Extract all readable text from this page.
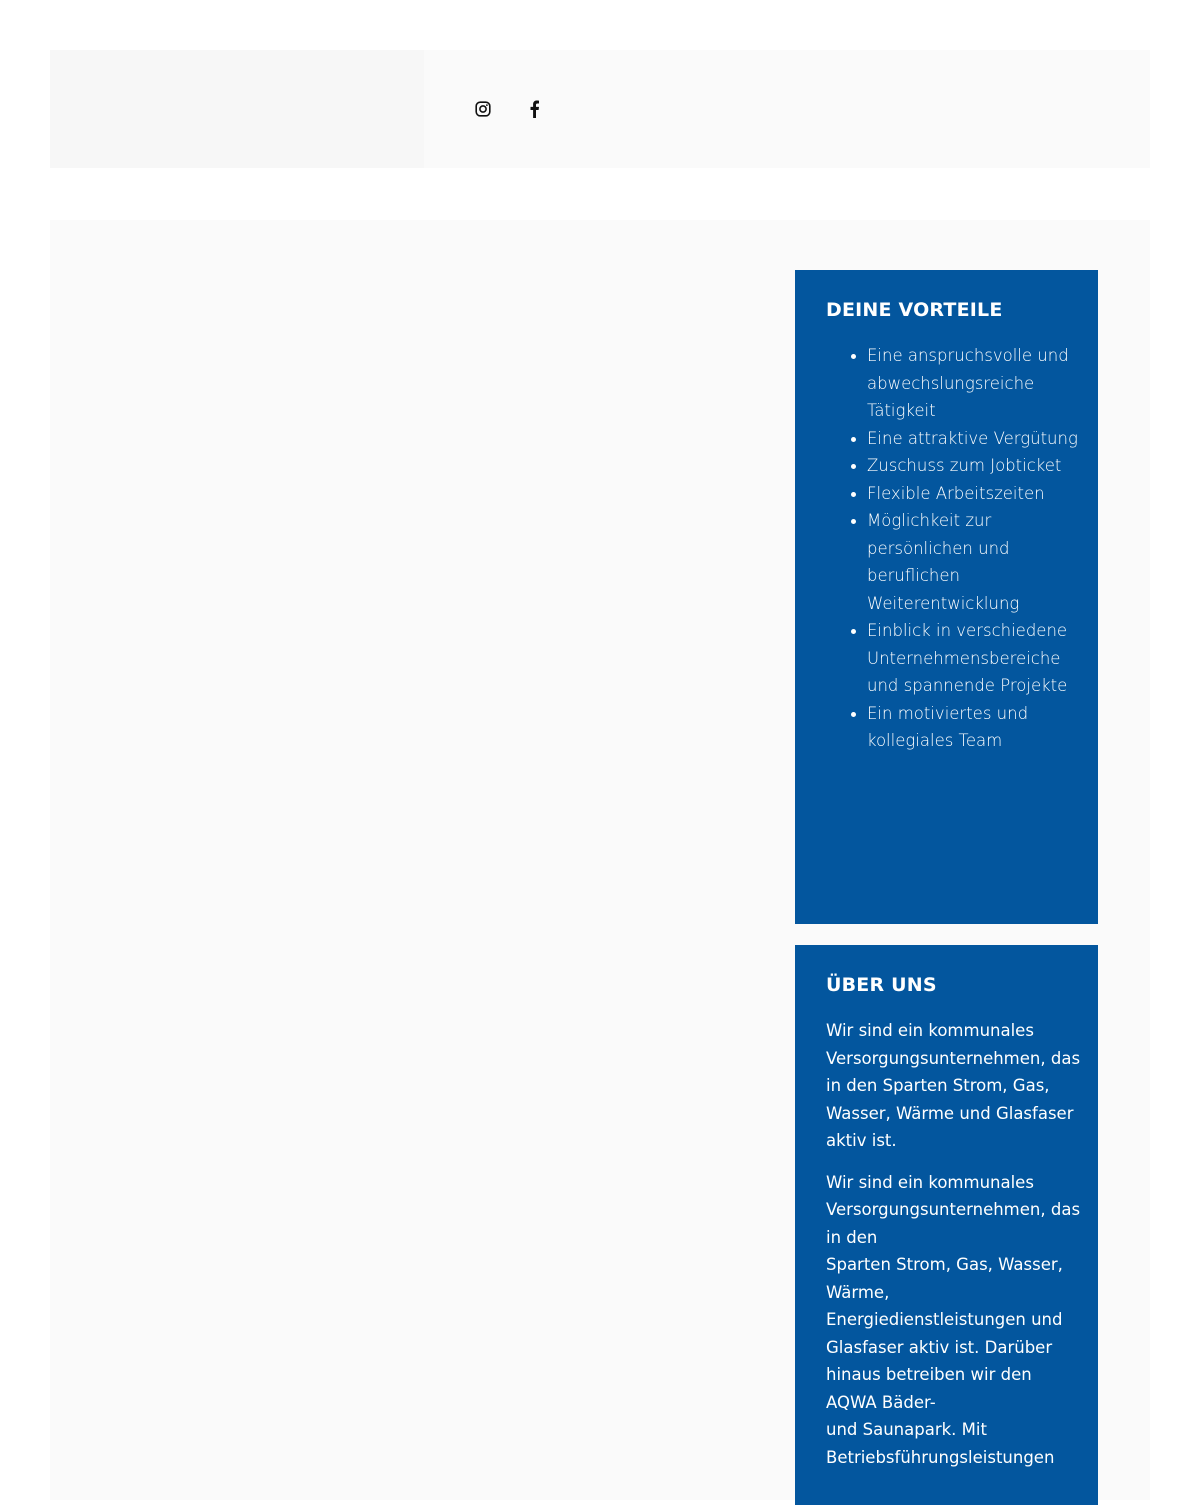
DEINE VORTEILE
Eine anspruchsvolle und abwechslungsreiche Tätigkeit
Eine attraktive Vergütung
Zuschuss zum Jobticket
Flexible Arbeitszeiten
Möglichkeit zur persönlichen und beruflichen Weiterentwicklung
Einblick in verschiedene Unternehmensbereiche und spannende Projekte
Ein motiviertes und kollegiales Team
ÜBER UNS

Wir sind ein kommunales Versorgungsunternehmen, das in den Sparten Strom, Gas, Wasser, Wärme und Glasfaser aktiv ist.

Wir sind ein kommunales Versorgungsunternehmen, das in den
Sparten Strom, Gas, Wasser, Wärme, Energiedienstleistungen und
Glasfaser aktiv ist. Darüber hinaus betreiben wir den AQWA Bäder-
und Saunapark. Mit Betriebsführungsleistungen
